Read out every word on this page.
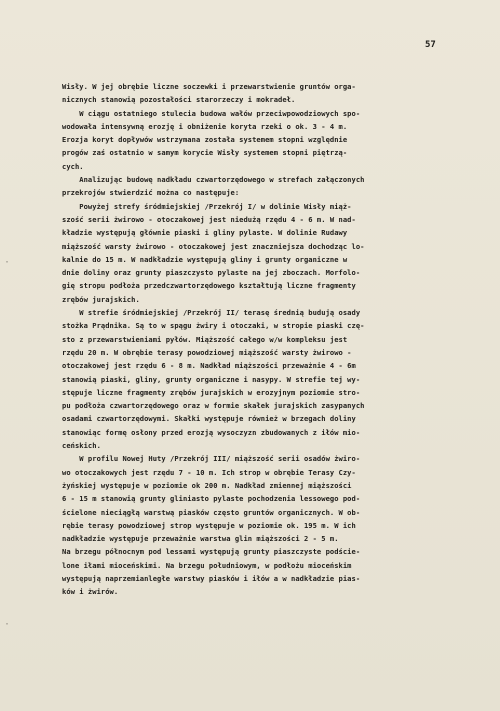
57
·
·
Wisły. W jej obrębie liczne soczewki i przewarstwienie gruntów orga-
nicznych stanowią pozostałości starorzeczy i mokradeł.
W ciągu ostatniego stulecia budowa wałów przeciwpowodziowych spo-
wodowała intensywną erozję i obniżenie koryta rzeki o ok. 3 - 4 m.
Erozja koryt dopływów wstrzymana została systemem stopni względnie
progów zaś ostatnio w samym korycie Wisły systemem stopni piętrzą-
cych.
Analizując budowę nadkładu czwartorzędowego w strefach załączonych
przekrojów stwierdzić można co następuje:
Powyżej strefy śródmiejskiej /Przekrój I/ w dolinie Wisły miąż-
szość serii żwirowo - otoczakowej jest niedużą rzędu 4 - 6 m. W nad-
kładzie występują głównie piaski i gliny pylaste. W dolinie Rudawy
miąższość warsty żwirowo - otoczakowej jest znaczniejsza dochodząc lo-
kalnie do 15 m. W nadkładzie występują gliny i grunty organiczne w
dnie doliny oraz grunty piaszczysto pylaste na jej zboczach. Morfolo-
gię stropu podłoża przedczwartorzędowego kształtują liczne fragmenty
zrębów jurajskich.
W strefie śródmiejskiej /Przekrój II/ terasę średnią budują osady
stożka Prądnika. Są to w spągu żwiry i otoczaki, w stropie piaski czę-
sto z przewarstwieniami pyłów. Miąższość całego w/w kompleksu jest
rzędu 20 m. W obrębie terasy powodziowej miąższość warsty żwirowo -
otoczakowej jest rzędu 6 - 8 m. Nadkład miąższości przeważnie 4 - 6m
stanowią piaski, gliny, grunty organiczne i nasypy. W strefie tej wy-
stępuje liczne fragmenty zrębów jurajskich w erozyjnym poziomie stro-
pu podłoża czwartorzędowego oraz w formie skałek jurajskich zasypanych
osadami czwartorzędowymi. Skałki występuje również w brzegach doliny
stanowiąc formę osłony przed erozją wysoczyzn zbudowanych z iłów mio-
ceńskich.
W profilu Nowej Huty /Przekrój III/ miąższość serii osadów żwiro-
wo otoczakowych jest rzędu 7 - 10 m. Ich strop w obrębie Terasy Czy-
żyńskiej występuje w poziomie ok 200 m. Nadkład zmiennej miąższości
6 - 15 m stanowią grunty gliniasto pylaste pochodzenia lessowego pod-
ścielone nieciągłą warstwą piasków często gruntów organicznych. W ob-
rębie terasy powodziowej strop występuje w poziomie ok. 195 m. W ich
nadkładzie występuje przeważnie warstwa glin miąższości 2 - 5 m.
Na brzegu północnym pod lessami występują grunty piaszczyste podście-
lone iłami mioceńskimi. Na brzegu południowym, w podłożu mioceńskim
występują naprzemianległe warstwy piasków i iłów a w nadkładzie pias-
ków i żwirów.
